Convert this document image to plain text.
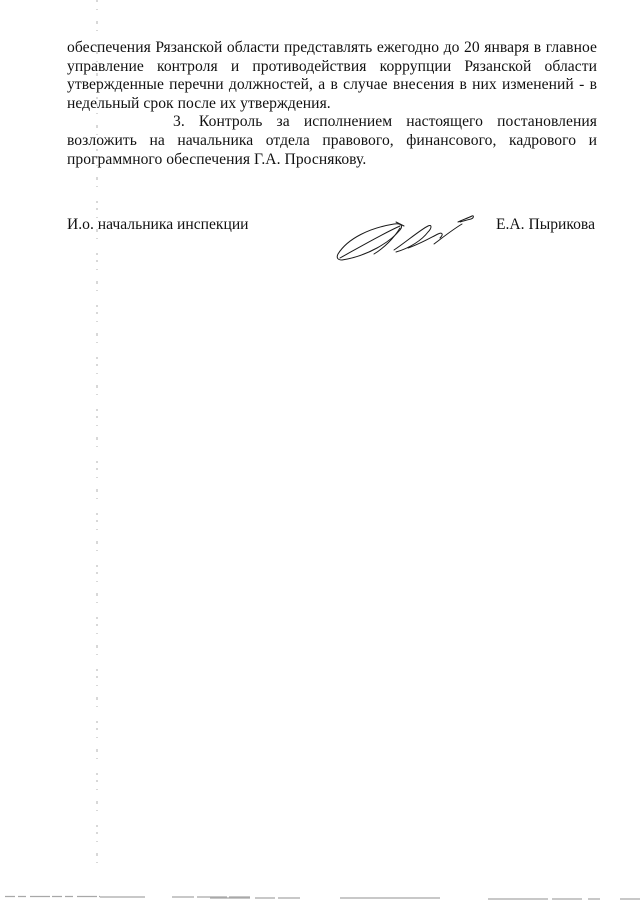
обеспечения Рязанской области представлять ежегодно до 20 января в главное управление контроля и противодействия коррупции Рязанской области утвержденные перечни должностей, а в случае внесения в них изменений - в недельный срок после их утверждения.

3. Контроль за исполнением настоящего постановления возложить на начальника отдела правового, финансового, кадрового и программного обеспечения Г.А. Проснякову.

И.о. начальника инспекции	Е.А. Пырикова
